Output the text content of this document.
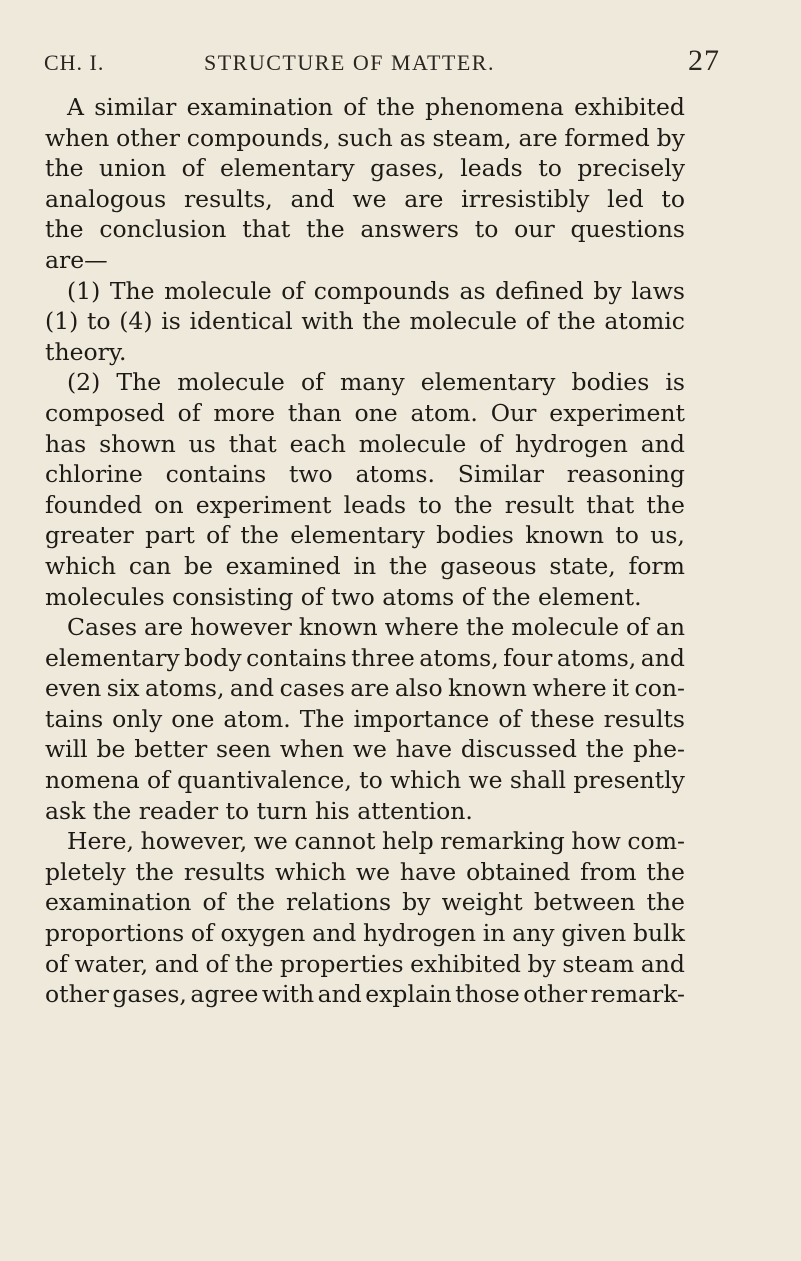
CH. I.	STRUCTURE OF MATTER.	27
A similar examination of the phenomena exhibited
when other compounds, such as steam, are formed by
the union of elementary gases, leads to precisely
analogous results, and we are irresistibly led to
the conclusion that the answers to our questions
are—
(1) The molecule of compounds as defined by laws
(1) to (4) is identical with the molecule of the atomic
theory.
(2) The molecule of many elementary bodies is
composed of more than one atom. Our experiment
has shown us that each molecule of hydrogen and
chlorine contains two atoms. Similar reasoning
founded on experiment leads to the result that the
greater part of the elementary bodies known to us,
which can be examined in the gaseous state, form
molecules consisting of two atoms of the element.
Cases are however known where the molecule of an
elementary body contains three atoms, four atoms, and
even six atoms, and cases are also known where it con-
tains only one atom. The importance of these results
will be better seen when we have discussed the phe-
nomena of quantivalence, to which we shall presently
ask the reader to turn his attention.
Here, however, we cannot help remarking how com-
pletely the results which we have obtained from the
examination of the relations by weight between the
proportions of oxygen and hydrogen in any given bulk
of water, and of the properties exhibited by steam and
other gases, agree with and explain those other remark-
